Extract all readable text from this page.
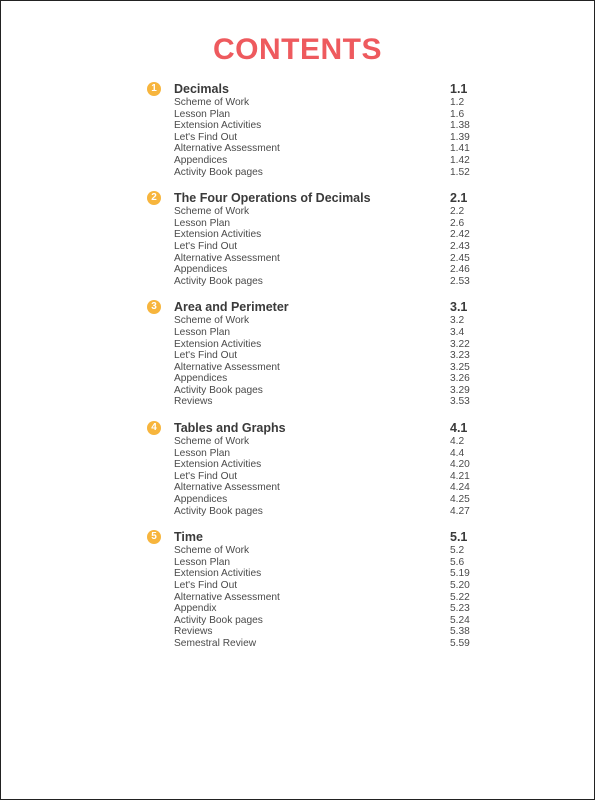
CONTENTS
1	Decimals	1.1
Scheme of Work	1.2
Lesson Plan	1.6
Extension Activities	1.38
Let's Find Out	1.39
Alternative Assessment	1.41
Appendices	1.42
Activity Book pages	1.52
2	The Four Operations of Decimals	2.1
Scheme of Work	2.2
Lesson Plan	2.6
Extension Activities	2.42
Let's Find Out	2.43
Alternative Assessment	2.45
Appendices	2.46
Activity Book pages	2.53
3	Area and Perimeter	3.1
Scheme of Work	3.2
Lesson Plan	3.4
Extension Activities	3.22
Let's Find Out	3.23
Alternative Assessment	3.25
Appendices	3.26
Activity Book pages	3.29
Reviews	3.53
4	Tables and Graphs	4.1
Scheme of Work	4.2
Lesson Plan	4.4
Extension Activities	4.20
Let's Find Out	4.21
Alternative Assessment	4.24
Appendices	4.25
Activity Book pages	4.27
5	Time	5.1
Scheme of Work	5.2
Lesson Plan	5.6
Extension Activities	5.19
Let's Find Out	5.20
Alternative Assessment	5.22
Appendix	5.23
Activity Book pages	5.24
Reviews	5.38
Semestral Review	5.59
